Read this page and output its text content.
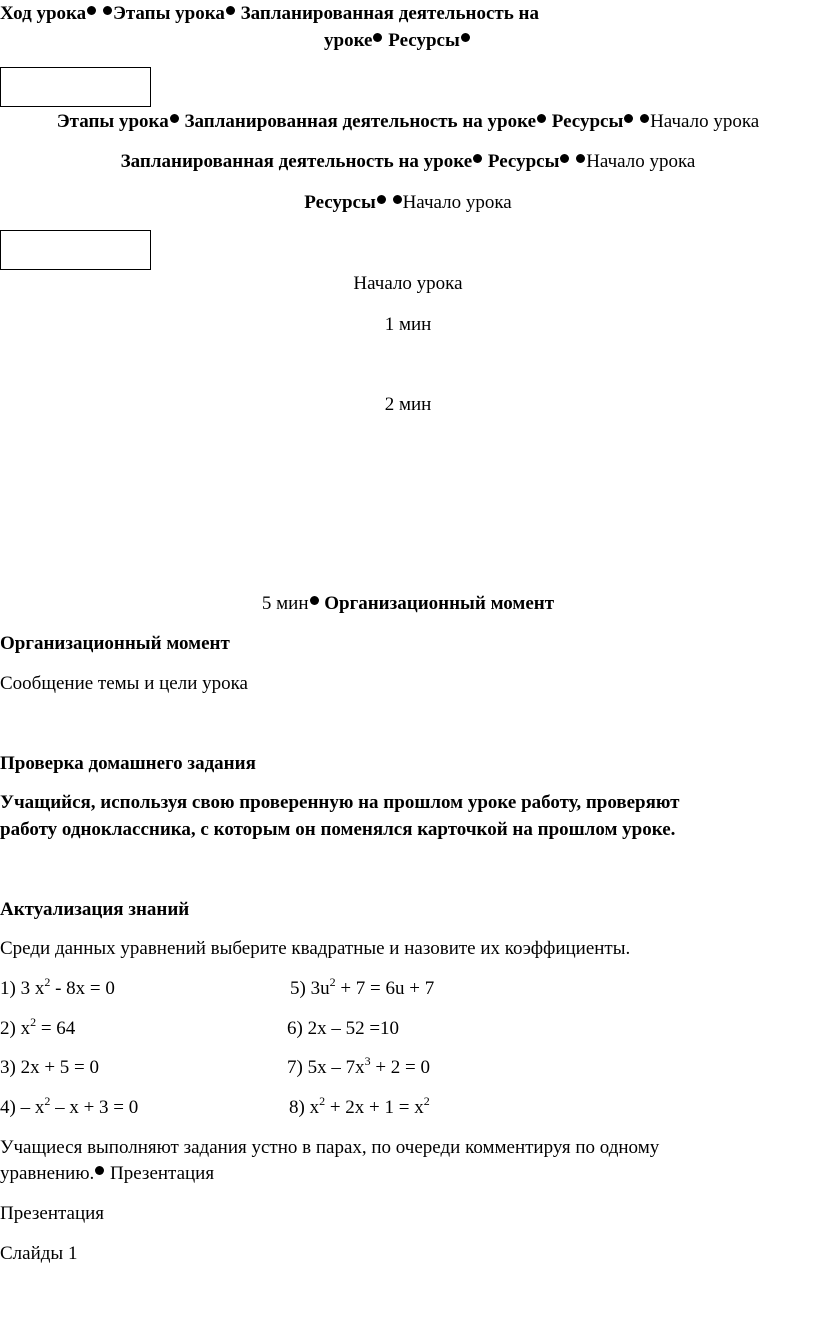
Ход урока Этапы урока Запланированная деятельность на
уроке Ресурсы
Этапы урока Запланированная деятельность на уроке Ресурсы Начало урока
Запланированная деятельность на уроке Ресурсы Начало урока
Ресурсы Начало урока
Начало урока
1 мин
2 мин
5 мин Организационный момент
Организационный момент
Сообщение темы и цели урока
Проверка домашнего задания
Учащийся, используя свою проверенную на прошлом уроке работу, проверяют
работу одноклассника, с которым он поменялся карточкой на прошлом уроке.
Актуализация знаний
Среди данных уравнений выберите квадратные и назовите их коэффициенты.
1) 3 $x^2 - 8x = 0$	5) $3u^2 + 7 = 6u + 7$
2) $x^2 = 64$	6) 2x – 52 =10
3) 2x + 5 = 0	7) $5x - 7x^3 + 2 = 0$
$4) - x^2 - x + 3 = 0$	8) $x^2 + 2x + 1 = x^2$
Учащиеся выполняют задания устно в парах, по очереди комментируя по одному
уравнению. Презентация
Презентация
Слайды 1
